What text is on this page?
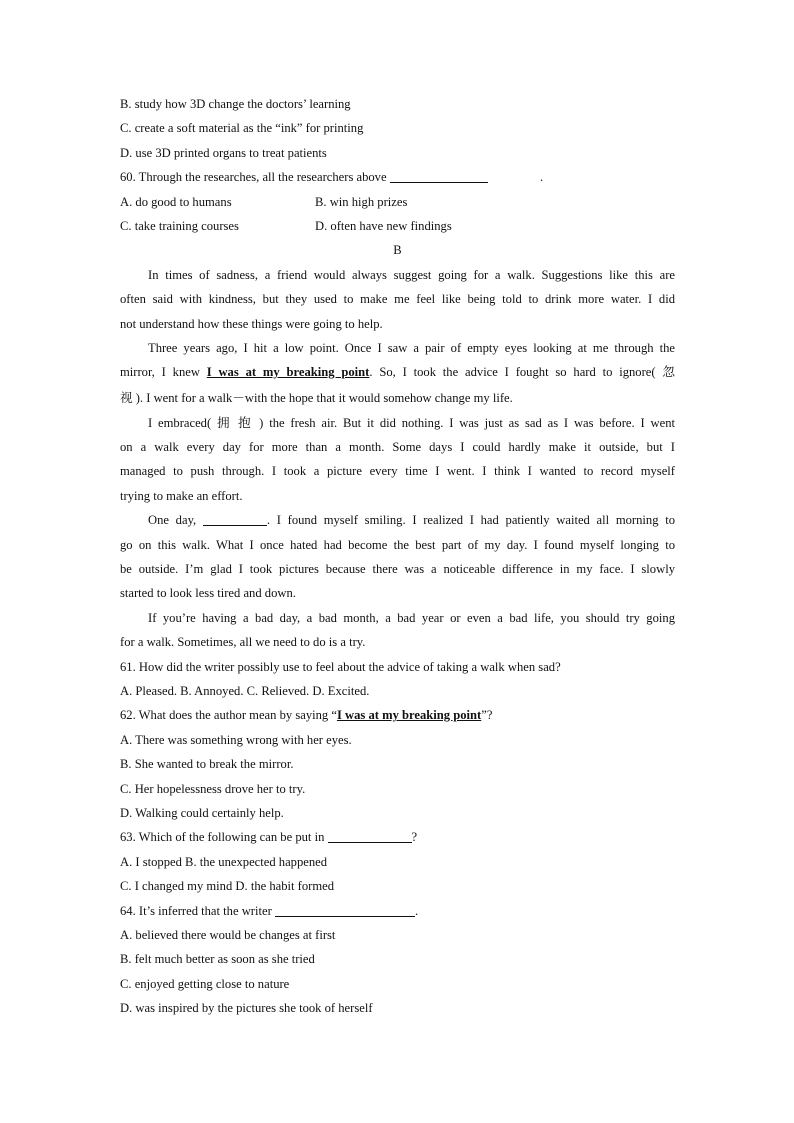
B. study how 3D change the doctors’ learning
C. create a soft material as the “ink” for printing
D. use 3D printed organs to treat patients
60. Through the researches, all the researchers above	.
A. do good to humans	B. win high prizes
C. take training courses	D. often have new findings
B
In times of sadness, a friend would always suggest going for a walk. Suggestions like this are
often said with kindness, but they used to make me feel like being told to drink more water. I did
not understand how these things were going to help.
Three years ago, I hit a low point. Once I saw a pair of empty eyes looking at me through the
mirror, I knew I was at my breaking point. So, I took the advice I fought so hard to ignore( 忽
视 ). I went for a walk－with the hope that it would somehow change my life.
I embraced( 拥 抱 ) the fresh air. But it did nothing. I was just as sad as I was before. I went
on a walk every day for more than a month. Some days I could hardly make it outside, but I
managed to push through. I took a picture every time I went. I think I wanted to record myself
trying to make an effort.
One day,	. I found myself smiling. I realized I had patiently waited all morning to
go on this walk. What I once hated had become the best part of my day. I found myself longing to
be outside. I’m glad I took pictures because there was a noticeable difference in my face. I slowly
started to look less tired and down.
If you’re having a bad day, a bad month, a bad year or even a bad life, you should try going
for a walk. Sometimes, all we need to do is a try.
61. How did the writer possibly use to feel about the advice of taking a walk when sad?
A. Pleased. B. Annoyed. C. Relieved. D. Excited.
62. What does the author mean by saying “I was at my breaking point”?
A. There was something wrong with her eyes.
B. She wanted to break the mirror.
C. Her hopelessness drove her to try.
D. Walking could certainly help.
63. Which of the following can be put in	?
A. I stopped B. the unexpected happened
C. I changed my mind D. the habit formed
64. It’s inferred that the writer	.
A. believed there would be changes at first
B. felt much better as soon as she tried
C. enjoyed getting close to nature
D. was inspired by the pictures she took of herself
